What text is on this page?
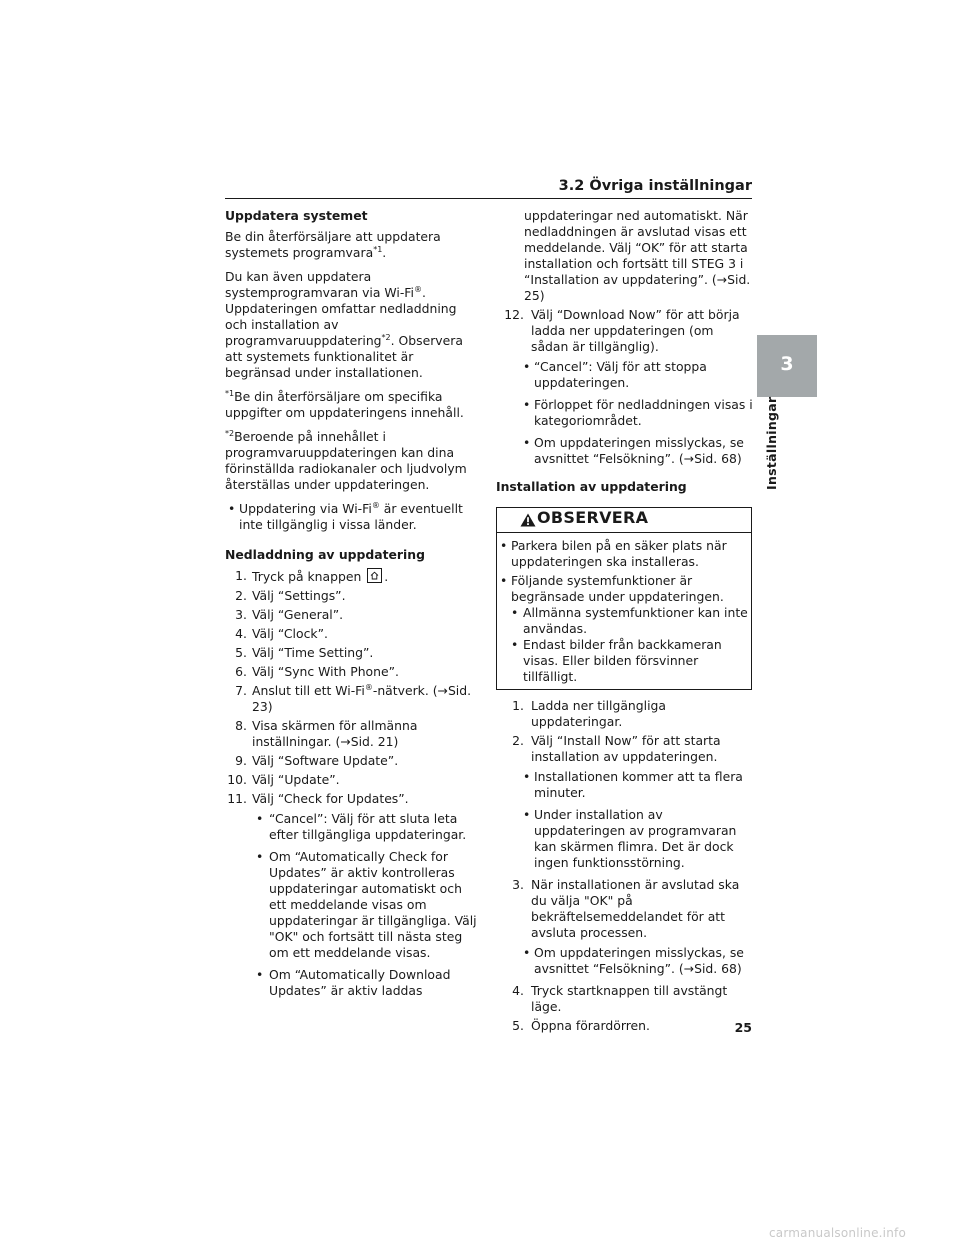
3.2 Övriga inställningar
3
Inställningar

Uppdatera systemet

Be din återförsäljare att uppdatera systemets programvara$^{*1}$.

Du kan även uppdatera systemprogramvaran via Wi-Fi®. Uppdateringen omfattar nedladdning och installation av programvaruuppdatering$^{*2}$. Observera att systemets funktionalitet är begränsad under installationen.

$^{*1}$Be din återförsäljare om specifika uppgifter om uppdateringens innehåll.

$^{*2}$Beroende på innehållet i programvaruuppdateringen kan dina förinställda radiokanaler och ljudvolym återställas under uppdateringen.

• Uppdatering via Wi-Fi® är eventuellt inte tillgänglig i vissa länder.

Nedladdning av uppdatering

1. Tryck på knappen .

2. Välj “Settings”.

3. Välj “General”.

4. Välj “Clock”.

5. Välj “Time Setting”.

6. Välj “Sync With Phone”.

7. Anslut till ett Wi-Fi®-nätverk. (→Sid. 23)

8. Visa skärmen för allmänna inställningar. (→Sid. 21)

9. Välj “Software Update”.

10. Välj “Update”.

11. Välj “Check for Updates”.

• “Cancel”: Välj för att sluta leta efter tillgängliga uppdateringar.

• Om “Automatically Check for Updates” är aktiv kontrolleras uppdateringar automatiskt och ett meddelande visas om uppdateringar är tillgängliga. Välj "OK" och fortsätt till nästa steg om ett meddelande visas.

• Om “Automatically Download Updates” är aktiv laddas

uppdateringar ned automatiskt. När nedladdningen är avslutad visas ett meddelande. Välj “OK” för att starta installation och fortsätt till STEG 3 i “Installation av uppdatering”. (→Sid. 25)

12. Välj “Download Now” för att börja ladda ner uppdateringen (om sådan är tillgänglig).

• “Cancel”: Välj för att stoppa uppdateringen.

• Förloppet för nedladdningen visas i kategoriområdet.

• Om uppdateringen misslyckas, se avsnittet “Felsökning”. (→Sid. 68)

Installation av uppdatering

OBSERVERA

• Parkera bilen på en säker plats när uppdateringen ska installeras.

• Följande systemfunktioner är begränsade under uppdateringen.

• Allmänna systemfunktioner kan inte användas.

• Endast bilder från backkameran visas. Eller bilden försvinner tillfälligt.

1. Ladda ner tillgängliga uppdateringar.

2. Välj “Install Now” för att starta installation av uppdateringen.

• Installationen kommer att ta flera minuter.

• Under installation av uppdateringen av programvaran kan skärmen flimra. Det är dock ingen funktionsstörning.

3. När installationen är avslutad ska du välja "OK" på bekräftelsemeddelandet för att avsluta processen.

• Om uppdateringen misslyckas, se avsnittet “Felsökning”. (→Sid. 68)

4. Tryck startknappen till avstängt läge.

5. Öppna förardörren.	25
carmanualsonline.info
